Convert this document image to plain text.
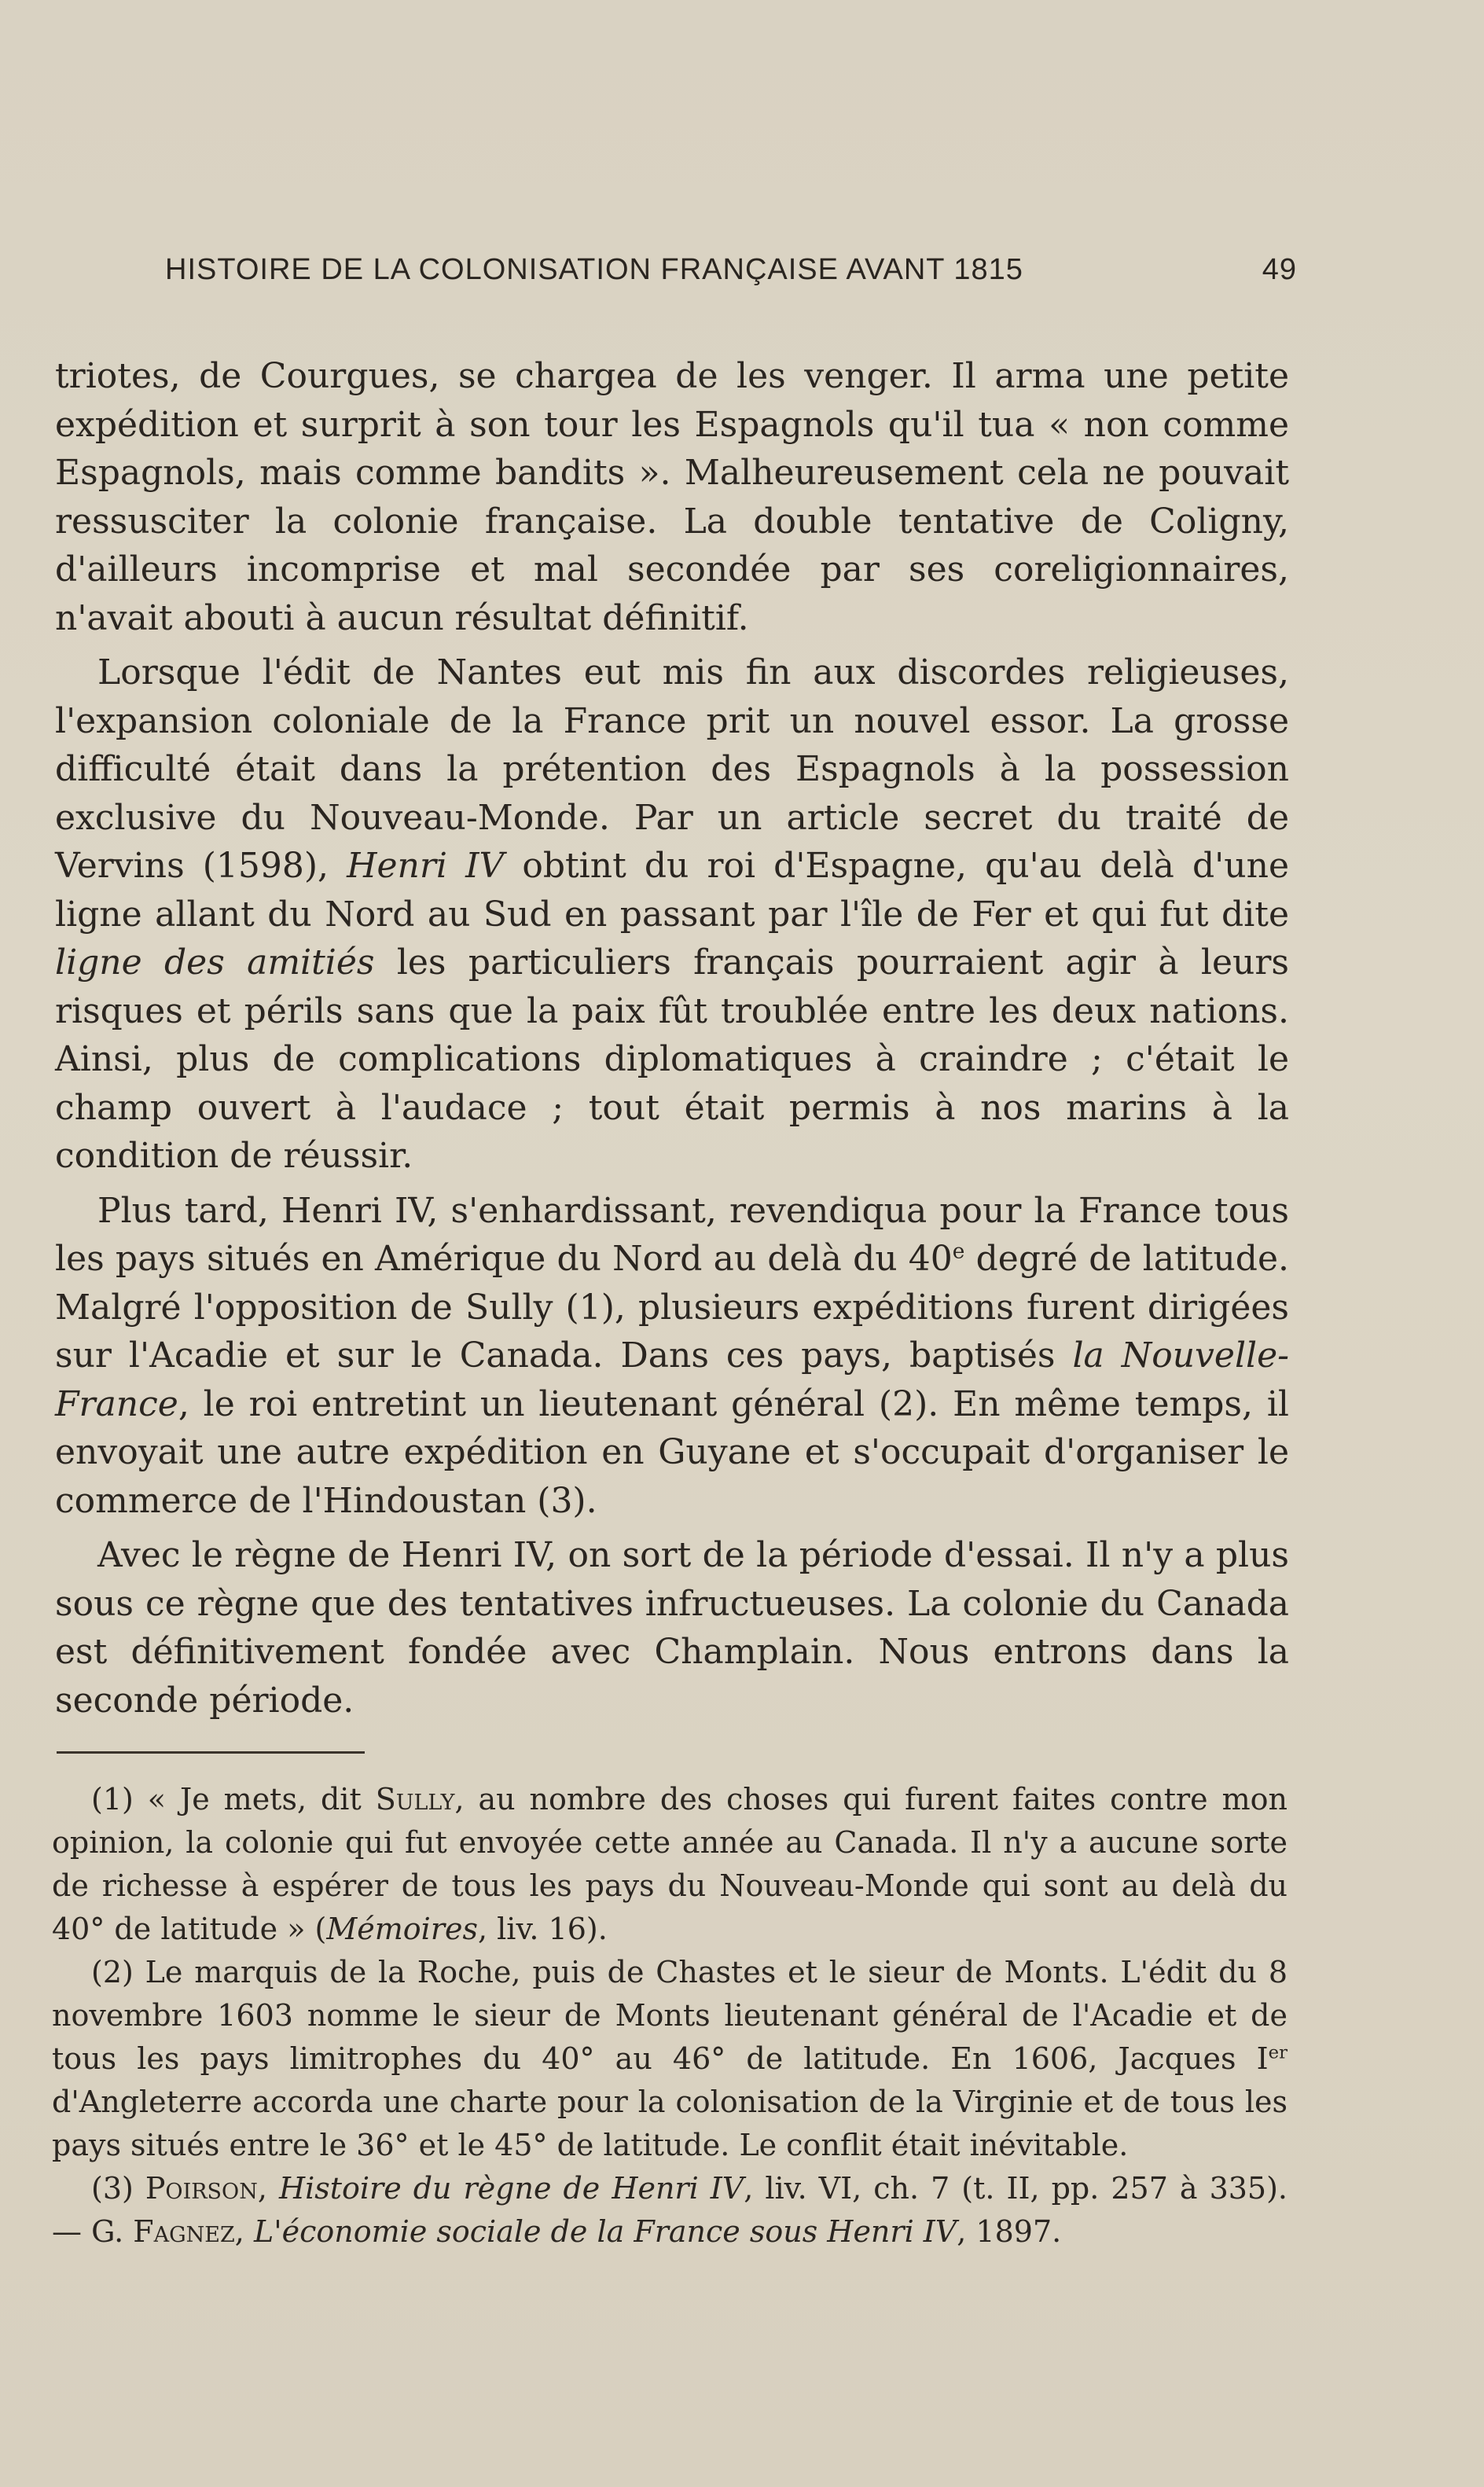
HISTOIRE DE LA COLONISATION FRANÇAISE AVANT 1815	49

triotes, de Courgues, se chargea de les venger. Il arma une petite expédition et surprit à son tour les Espagnols qu'il tua « non comme Espagnols, mais comme bandits ». Malheureusement cela ne pouvait ressusciter la colonie française. La double tentative de Coligny, d'ailleurs incomprise et mal secondée par ses coreligionnaires, n'avait abouti à aucun résultat définitif.

Lorsque l'édit de Nantes eut mis fin aux discordes religieuses, l'expansion coloniale de la France prit un nouvel essor. La grosse difficulté était dans la prétention des Espagnols à la possession exclusive du Nouveau-Monde. Par un article secret du traité de Vervins (1598), Henri IV obtint du roi d'Espagne, qu'au delà d'une ligne allant du Nord au Sud en passant par l'île de Fer et qui fut dite ligne des amitiés les particuliers français pourraient agir à leurs risques et périls sans que la paix fût troublée entre les deux nations. Ainsi, plus de complications diplomatiques à craindre ; c'était le champ ouvert à l'audace ; tout était permis à nos marins à la condition de réussir.

Plus tard, Henri IV, s'enhardissant, revendiqua pour la France tous les pays situés en Amérique du Nord au delà du 40e degré de latitude. Malgré l'opposition de Sully (1), plusieurs expéditions furent dirigées sur l'Acadie et sur le Canada. Dans ces pays, baptisés la Nouvelle-France, le roi entretint un lieutenant général (2). En même temps, il envoyait une autre expédition en Guyane et s'occupait d'organiser le commerce de l'Hindoustan (3).

Avec le règne de Henri IV, on sort de la période d'essai. Il n'y a plus sous ce règne que des tentatives infructueuses. La colonie du Canada est définitivement fondée avec Champlain. Nous entrons dans la seconde période.

(1) « Je mets, dit Sully, au nombre des choses qui furent faites contre mon opinion, la colonie qui fut envoyée cette année au Canada. Il n'y a aucune sorte de richesse à espérer de tous les pays du Nouveau-Monde qui sont au delà du 40° de latitude » (Mémoires, liv. 16).

(2) Le marquis de la Roche, puis de Chastes et le sieur de Monts. L'édit du 8 novembre 1603 nomme le sieur de Monts lieutenant général de l'Acadie et de tous les pays limitrophes du 40° au 46° de latitude. En 1606, Jacques Ier d'Angleterre accorda une charte pour la colonisation de la Virginie et de tous les pays situés entre le 36° et le 45° de latitude. Le conflit était inévitable.

(3) Poirson, Histoire du règne de Henri IV, liv. VI, ch. 7 (t. II, pp. 257 à 335). — G. Fagnez, L'économie sociale de la France sous Henri IV, 1897.
